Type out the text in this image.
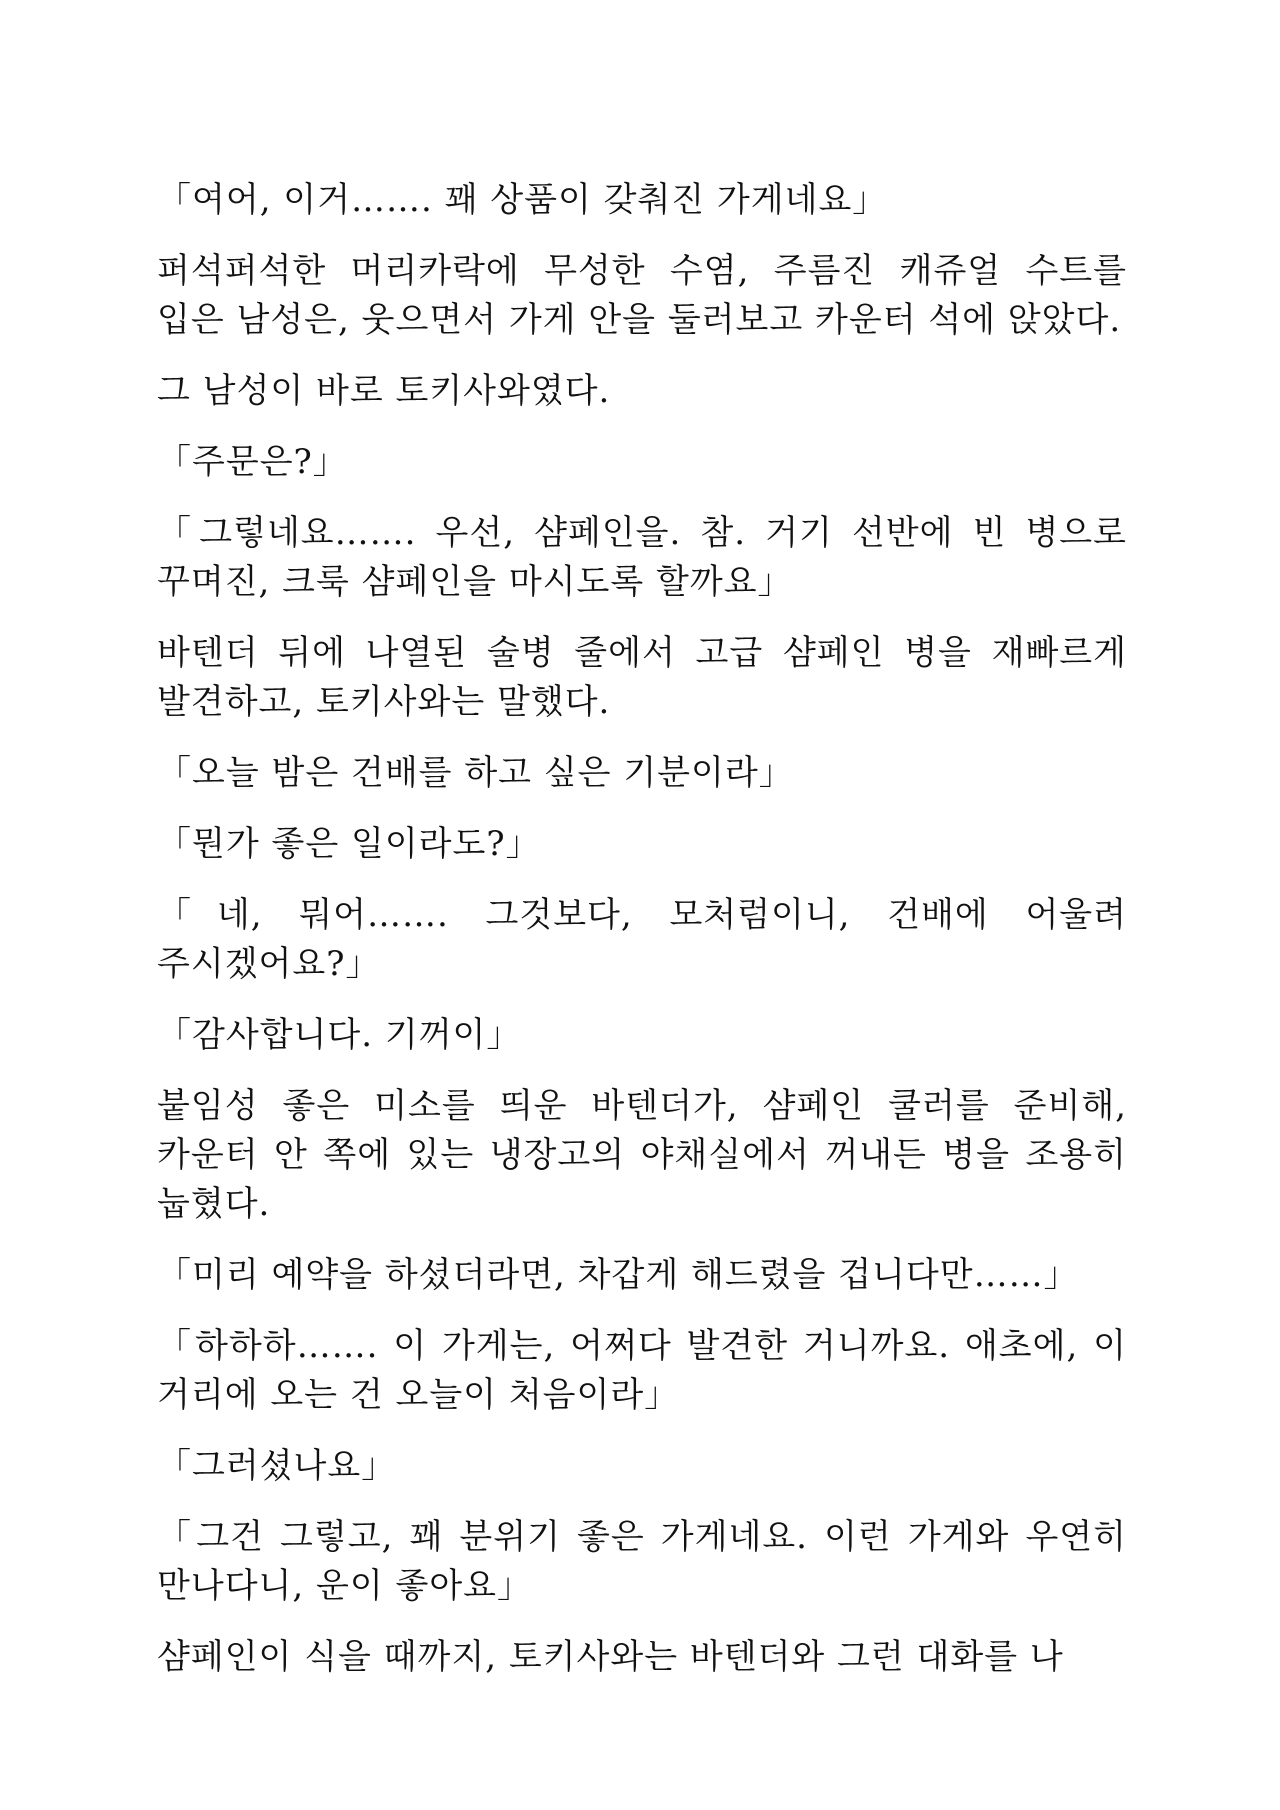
「여어, 이거……. 꽤 상품이 갖춰진 가게네요」

퍼석퍼석한 머리카락에 무성한 수염, 주름진 캐쥬얼 수트를 입은 남성은, 웃으면서 가게 안을 둘러보고 카운터 석에 앉았다.

그 남성이 바로 토키사와였다.

「주문은?」

「그렇네요……. 우선, 샴페인을. 참. 거기 선반에 빈 병으로 꾸며진, 크룩 샴페인을 마시도록 할까요」

바텐더 뒤에 나열된 술병 줄에서 고급 샴페인 병을 재빠르게 발견하고, 토키사와는 말했다.

「오늘 밤은 건배를 하고 싶은 기분이라」

「뭔가 좋은 일이라도?」

「네, 뭐어……. 그것보다, 모처럼이니, 건배에 어울려 주시겠어요?」

「감사합니다. 기꺼이」

붙임성 좋은 미소를 띄운 바텐더가, 샴페인 쿨러를 준비해, 카운터 안 쪽에 있는 냉장고의 야채실에서 꺼내든 병을 조용히 눕혔다.

「미리 예약을 하셨더라면, 차갑게 해드렸을 겁니다만……」

「하하하……. 이 가게는, 어쩌다 발견한 거니까요. 애초에, 이 거리에 오는 건 오늘이 처음이라」

「그러셨나요」

「그건 그렇고, 꽤 분위기 좋은 가게네요. 이런 가게와 우연히 만나다니, 운이 좋아요」

샴페인이 식을 때까지, 토키사와는 바텐더와 그런 대화를 나
